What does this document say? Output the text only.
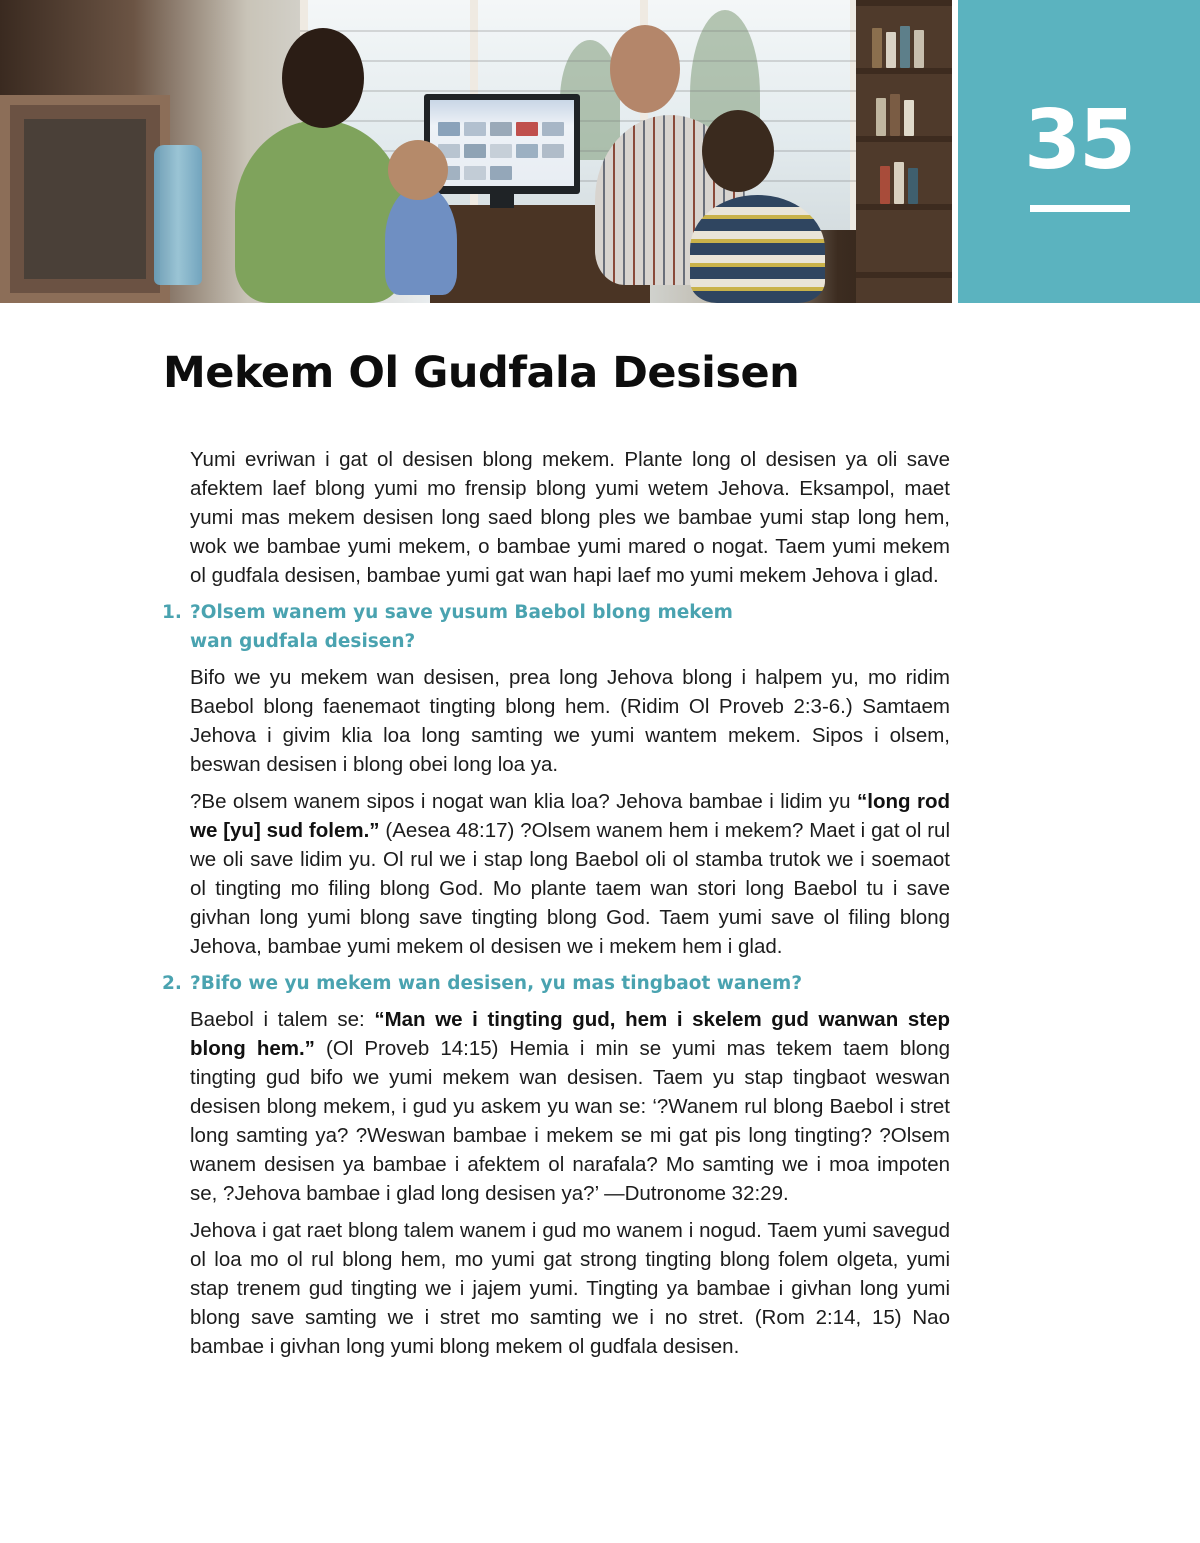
35
Mekem Ol Gudfala Desisen

Yumi evriwan i gat ol desisen blong mekem. Plante long ol desisen ya oli save afektem laef blong yumi mo frensip blong yumi wetem Jehova. Eksampol, maet yumi mas mekem desisen long saed blong ples we bambae yumi stap long hem, wok we bambae yumi mekem, o bambae yumi mared o nogat. Taem yumi mekem ol gudfala desisen, bambae yumi gat wan hapi laef mo yumi mekem Jehova i glad.

1. ?Olsem wanem yu save yusum Baebol blong mekem
wan gudfala desisen?

Bifo we yu mekem wan desisen, prea long Jehova blong i halpem yu, mo ridim Baebol blong faenemaot tingting blong hem. (Ridim Ol Proveb 2:3-6.) Samtaem Jehova i givim klia loa long samting we yumi wantem mekem. Sipos i olsem, beswan desisen i blong obei long loa ya.

?Be olsem wanem sipos i nogat wan klia loa? Jehova bambae i lidim yu “long rod we [yu] sud folem.” (Aesea 48:17) ?Olsem wanem hem i mekem? Maet i gat ol rul we oli save lidim yu. Ol rul we i stap long Baebol oli ol stamba trutok we i soemaot ol tingting mo filing blong God. Mo plante taem wan stori long Baebol tu i save givhan long yumi blong save tingting blong God. Taem yumi save ol filing blong Jehova, bambae yumi mekem ol desisen we i mekem hem i glad.

2. ?Bifo we yu mekem wan desisen, yu mas tingbaot wanem?

Baebol i talem se: “Man we i tingting gud, hem i skelem gud wanwan step blong hem.” (Ol Proveb 14:15) Hemia i min se yumi mas tekem taem blong tingting gud bifo we yumi mekem wan desisen. Taem yu stap tingbaot weswan desisen blong mekem, i gud yu askem yu wan se: ‘?Wanem rul blong Baebol i stret long samting ya? ?Weswan bambae i mekem se mi gat pis long tingting? ?Olsem wanem desisen ya bambae i afektem ol narafala? Mo samting we i moa impoten se, ?Jehova bambae i glad long desisen ya?’ —Dutronome 32:29.

Jehova i gat raet blong talem wanem i gud mo wanem i nogud. Taem yumi savegud ol loa mo ol rul blong hem, mo yumi gat strong tingting blong folem olgeta, yumi stap trenem gud tingting we i jajem yumi. Tingting ya bambae i givhan long yumi blong save samting we i stret mo samting we i no stret. (Rom 2:14, 15) Nao bambae i givhan long yumi blong mekem ol gudfala desisen.
